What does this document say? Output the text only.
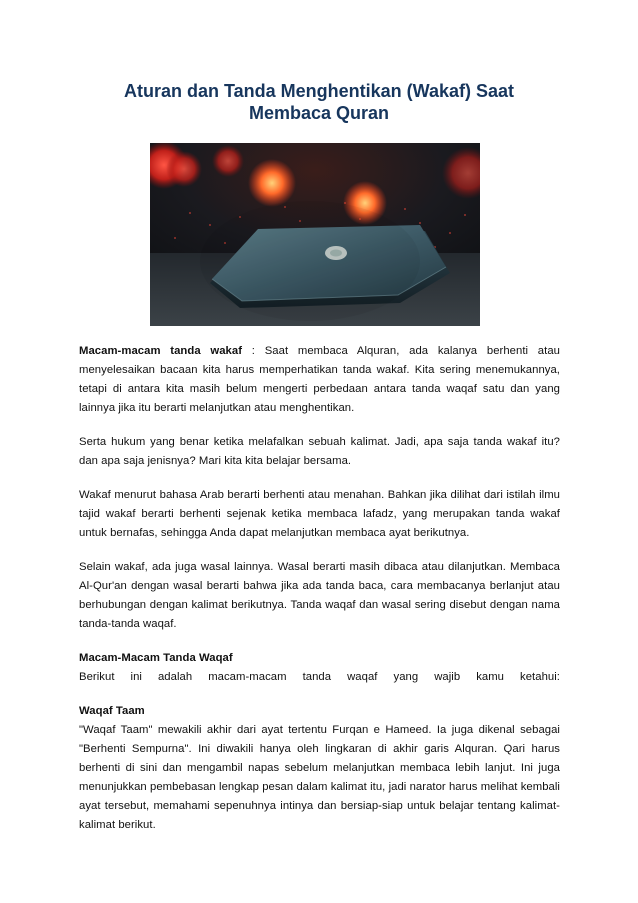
Aturan dan Tanda Menghentikan (Wakaf) Saat
Membaca Quran

Macam-macam tanda wakaf : Saat membaca Alquran, ada kalanya berhenti atau menyelesaikan bacaan kita harus memperhatikan tanda wakaf. Kita sering menemukannya, tetapi di antara kita masih belum mengerti perbedaan antara tanda waqaf satu dan yang lainnya jika itu berarti melanjutkan atau menghentikan.

Serta hukum yang benar ketika melafalkan sebuah kalimat. Jadi, apa saja tanda wakaf itu? dan apa saja jenisnya? Mari kita kita belajar bersama.

Wakaf menurut bahasa Arab berarti berhenti atau menahan. Bahkan jika dilihat dari istilah ilmu tajid wakaf berarti berhenti sejenak ketika membaca lafadz, yang merupakan tanda wakaf untuk bernafas, sehingga Anda dapat melanjutkan membaca ayat berikutnya.

Selain wakaf, ada juga wasal lainnya. Wasal berarti masih dibaca atau dilanjutkan. Membaca Al-Qur'an dengan wasal berarti bahwa jika ada tanda baca, cara membacanya berlanjut atau berhubungan dengan kalimat berikutnya. Tanda waqaf dan wasal sering disebut dengan nama tanda-tanda waqaf.

Macam-Macam Tanda Waqaf

Berikut ini adalah macam-macam tanda waqaf yang wajib kamu ketahui:

Waqaf Taam

"Waqaf Taam" mewakili akhir dari ayat tertentu Furqan e Hameed. Ia juga dikenal sebagai "Berhenti Sempurna". Ini diwakili hanya oleh lingkaran di akhir garis Alquran. Qari harus berhenti di sini dan mengambil napas sebelum melanjutkan membaca lebih lanjut. Ini juga menunjukkan pembebasan lengkap pesan dalam kalimat itu, jadi narator harus melihat kembali ayat tersebut, memahami sepenuhnya intinya dan bersiap-siap untuk belajar tentang kalimat-kalimat berikut.
